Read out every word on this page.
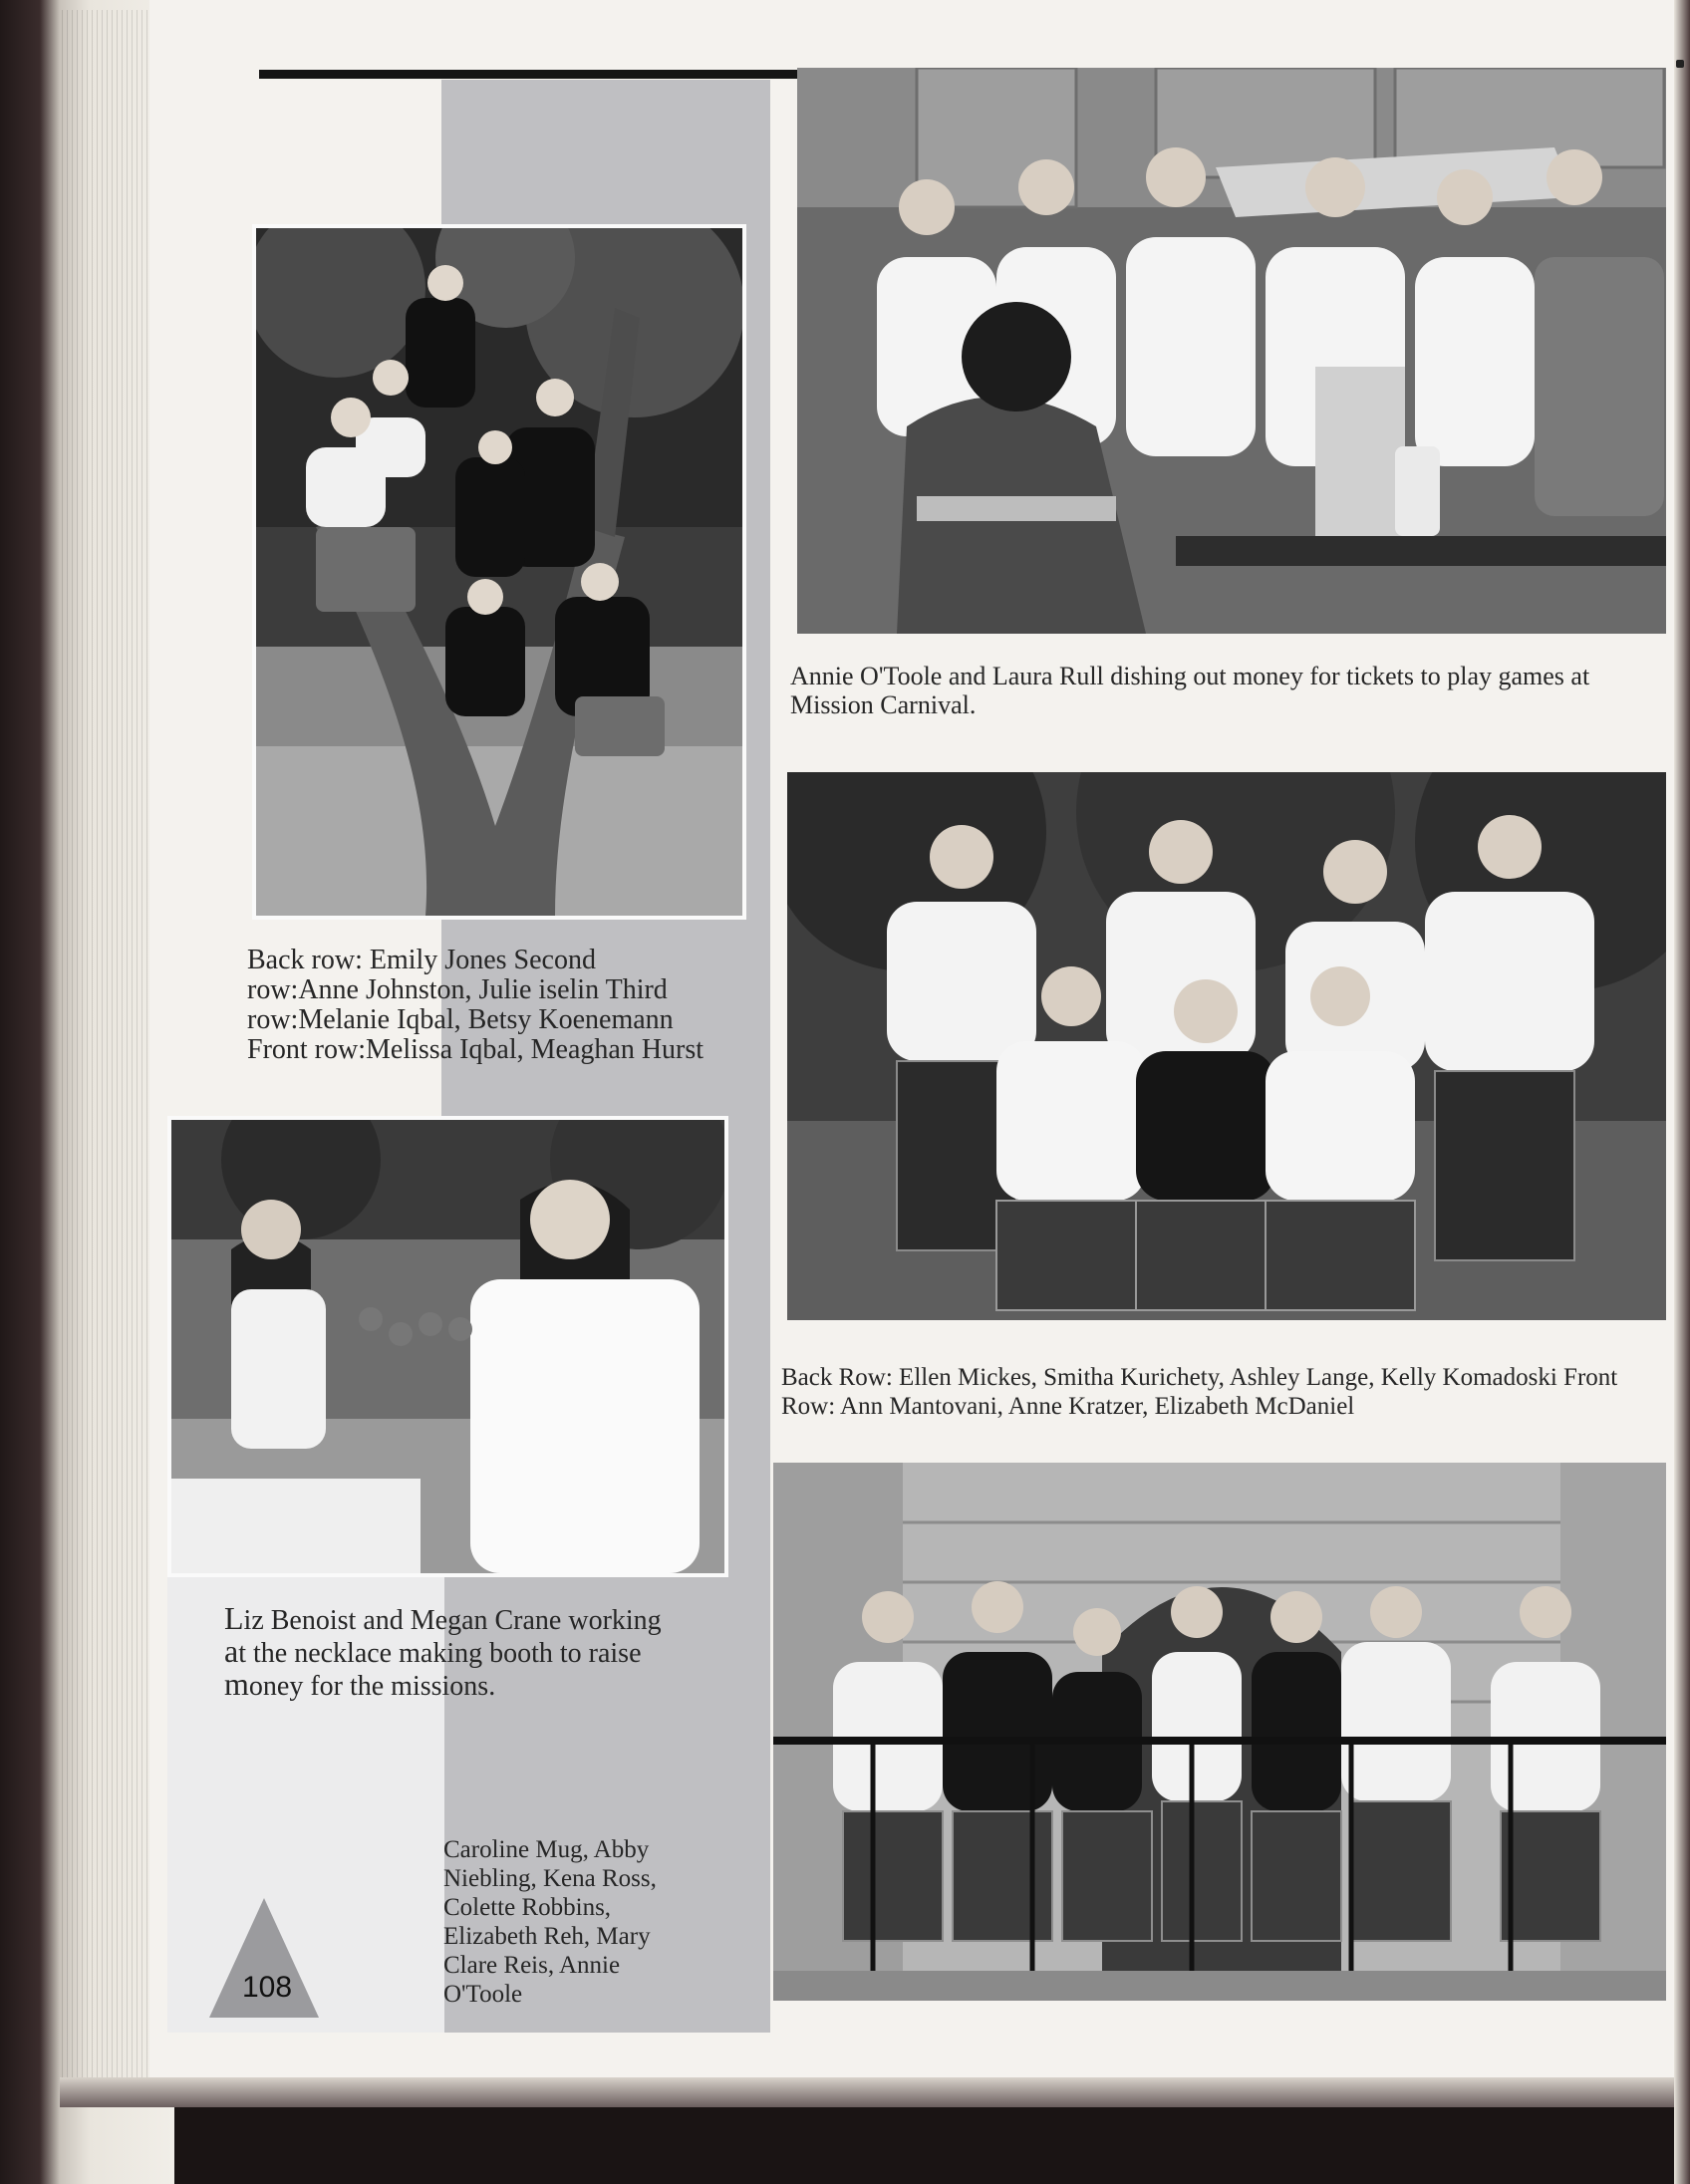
Back row: Emily Jones Second row:Anne Johnston, Julie iselin Third row:Melanie Iqbal, Betsy Koenemann Front row:Melissa Iqbal, Meaghan Hurst
Liz Benoist and Megan Crane working
at the necklace making booth to raise
money for the missions.
Annie O'Toole and Laura Rull dishing out money for tickets to play games at Mission Carnival.
Back Row: Ellen Mickes, Smitha Kurichety, Ashley Lange, Kelly Komadoski Front Row: Ann Mantovani, Anne Kratzer, Elizabeth McDaniel
Caroline Mug, Abby Niebling, Kena Ross, Colette Robbins, Elizabeth Reh, Mary Clare Reis, Annie O'Toole
108
